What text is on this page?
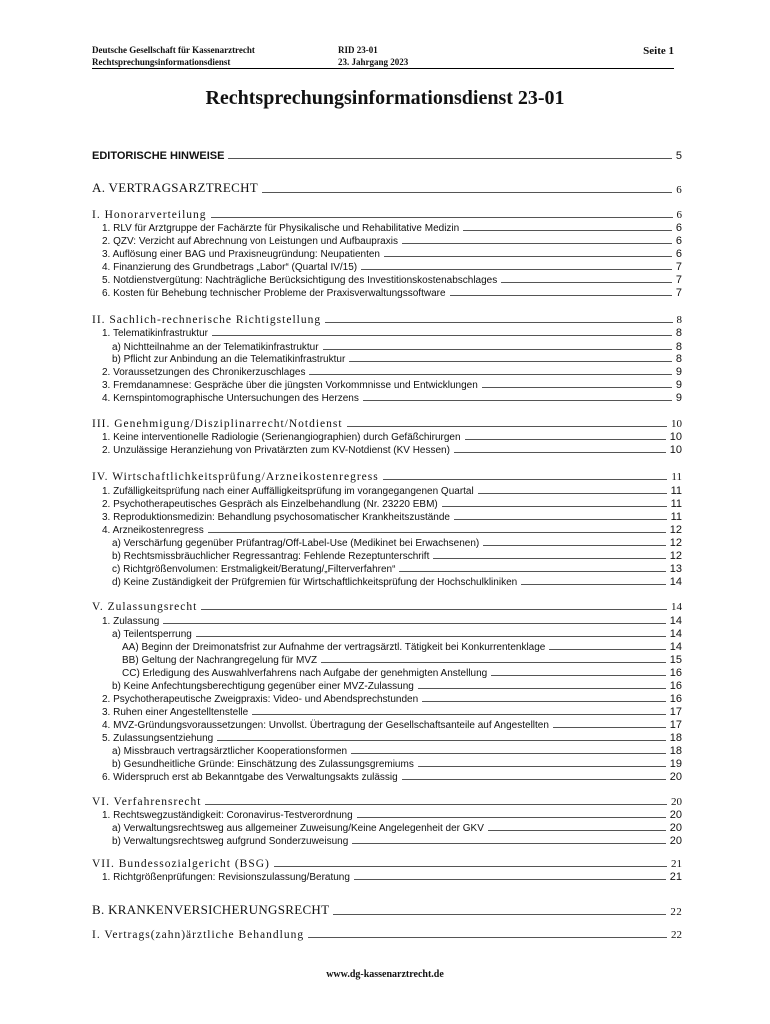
Deutsche Gesellschaft für Kassenarztrecht
Rechtsprechungsinformationsdienst
RID 23-01
23. Jahrgang 2023
Seite 1
Rechtsprechungsinformationsdienst 23-01
EDITORISCHE HINWEISE	5
A. VERTRAGSARZTRECHT	6
I. Honorarverteilung	6
1. RLV für Arztgruppe der Fachärzte für Physikalische und Rehabilitative Medizin	6
2. QZV: Verzicht auf Abrechnung von Leistungen und Aufbaupraxis	6
3. Auflösung einer BAG und Praxisneugründung: Neupatienten	6
4. Finanzierung des Grundbetrags „Labor“ (Quartal IV/15)	7
5. Notdienstvergütung: Nachträgliche Berücksichtigung des Investitionskostenabschlages	7
6. Kosten für Behebung technischer Probleme der Praxisverwaltungssoftware	7
II. Sachlich-rechnerische Richtigstellung	8
1. Telematikinfrastruktur	8
a) Nichtteilnahme an der Telematikinfrastruktur	8
b) Pflicht zur Anbindung an die Telematikinfrastruktur	8
2. Voraussetzungen des Chronikerzuschlages	9
3. Fremdanamnese: Gespräche über die jüngsten Vorkommnisse und Entwicklungen	9
4. Kernspintomographische Untersuchungen des Herzens	9
III. Genehmigung/Disziplinarrecht/Notdienst	10
1. Keine interventionelle Radiologie (Serienangiographien) durch Gefäßchirurgen	10
2. Unzulässige Heranziehung von Privatärzten zum KV-Notdienst (KV Hessen)	10
IV. Wirtschaftlichkeitsprüfung/Arzneikostenregress	11
1. Zufälligkeitsprüfung nach einer Auffälligkeitsprüfung im vorangegangenen Quartal	11
2. Psychotherapeutisches Gespräch als Einzelbehandlung (Nr. 23220 EBM)	11
3. Reproduktionsmedizin: Behandlung psychosomatischer Krankheitszustände	11
4. Arzneikostenregress	12
a) Verschärfung gegenüber Prüfantrag/Off-Label-Use (Medikinet bei Erwachsenen)	12
b) Rechtsmissbräuchlicher Regressantrag: Fehlende Rezeptunterschrift	12
c) Richtgrößenvolumen: Erstmaligkeit/Beratung/„Filterverfahren“	13
d) Keine Zuständigkeit der Prüfgremien für Wirtschaftlichkeitsprüfung der Hochschulkliniken	14
V. Zulassungsrecht	14
1. Zulassung	14
a) Teilentsperrung	14
AA) Beginn der Dreimonatsfrist zur Aufnahme der vertragsärztl. Tätigkeit bei Konkurrentenklage	14
BB) Geltung der Nachrangregelung für MVZ	15
CC) Erledigung des Auswahlverfahrens nach Aufgabe der genehmigten Anstellung	16
b) Keine Anfechtungsberechtigung gegenüber einer MVZ-Zulassung	16
2. Psychotherapeutische Zweigpraxis: Video- und Abendsprechstunden	16
3. Ruhen einer Angestelltenstelle	17
4. MVZ-Gründungsvoraussetzungen: Unvollst. Übertragung der Gesellschaftsanteile auf Angestellten	17
5. Zulassungsentziehung	18
a) Missbrauch vertragsärztlicher Kooperationsformen	18
b) Gesundheitliche Gründe: Einschätzung des Zulassungsgremiums	19
6. Widerspruch erst ab Bekanntgabe des Verwaltungsakts zulässig	20
VI. Verfahrensrecht	20
1. Rechtswegzuständigkeit: Coronavirus-Testverordnung	20
a) Verwaltungsrechtsweg aus allgemeiner Zuweisung/Keine Angelegenheit der GKV	20
b) Verwaltungsrechtsweg aufgrund Sonderzuweisung	20
VII. Bundessozialgericht (BSG)	21
1. Richtgrößenprüfungen: Revisionszulassung/Beratung	21
B. KRANKENVERSICHERUNGSRECHT	22
I. Vertrags(zahn)ärztliche Behandlung	22
www.dg-kassenarztrecht.de
